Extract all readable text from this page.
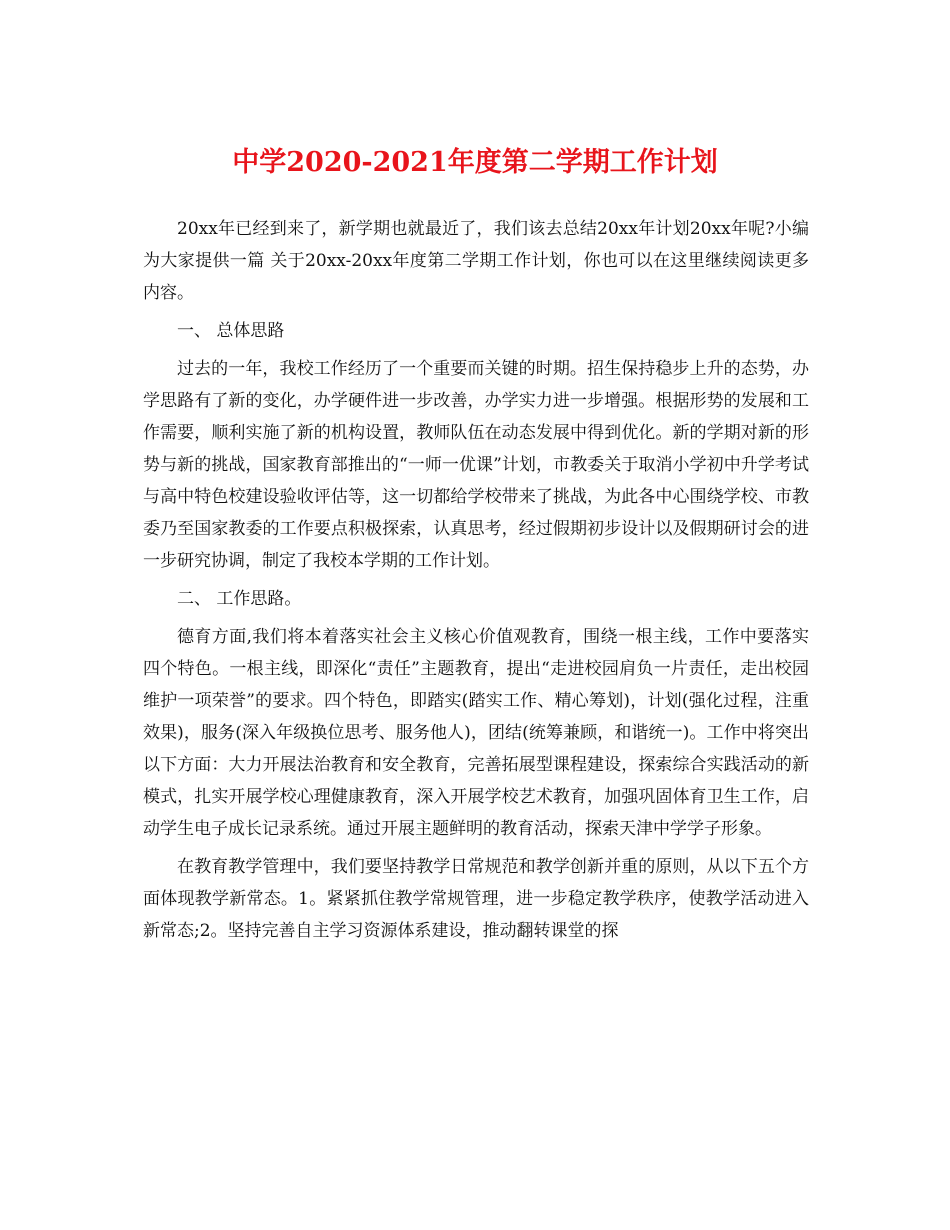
中学2020-2021年度第二学期工作计划

20xx年已经到来了，新学期也就最近了，我们该去总结20xx年计划20xx年呢?小编为大家提供一篇 关于20xx-20xx年度第二学期工作计划，你也可以在这里继续阅读更多内容。

一、 总体思路

过去的一年，我校工作经历了一个重要而关键的时期。招生保持稳步上升的态势，办学思路有了新的变化，办学硬件进一步改善，办学实力进一步增强。根据形势的发展和工作需要，顺利实施了新的机构设置，教师队伍在动态发展中得到优化。新的学期对新的形势与新的挑战，国家教育部推出的“一师一优课”计划，市教委关于取消小学初中升学考试与高中特色校建设验收评估等，这一切都给学校带来了挑战，为此各中心围绕学校、市教委乃至国家教委的工作要点积极探索，认真思考，经过假期初步设计以及假期研讨会的进一步研究协调，制定了我校本学期的工作计划。

二、 工作思路。

德育方面,我们将本着落实社会主义核心价值观教育，围绕一根主线，工作中要落实四个特色。一根主线，即深化“责任”主题教育，提出“走进校园肩负一片责任，走出校园维护一项荣誉”的要求。四个特色，即踏实(踏实工作、精心筹划)，计划(强化过程，注重效果)，服务(深入年级换位思考、服务他人)，团结(统筹兼顾，和谐统一)。工作中将突出以下方面：大力开展法治教育和安全教育，完善拓展型课程建设，探索综合实践活动的新模式，扎实开展学校心理健康教育，深入开展学校艺术教育，加强巩固体育卫生工作，启动学生电子成长记录系统。通过开展主题鲜明的教育活动，探索天津中学学子形象。

在教育教学管理中，我们要坚持教学日常规范和教学创新并重的原则，从以下五个方面体现教学新常态。1。紧紧抓住教学常规管理，进一步稳定教学秩序，使教学活动进入新常态;2。坚持完善自主学习资源体系建设，推动翻转课堂的探
